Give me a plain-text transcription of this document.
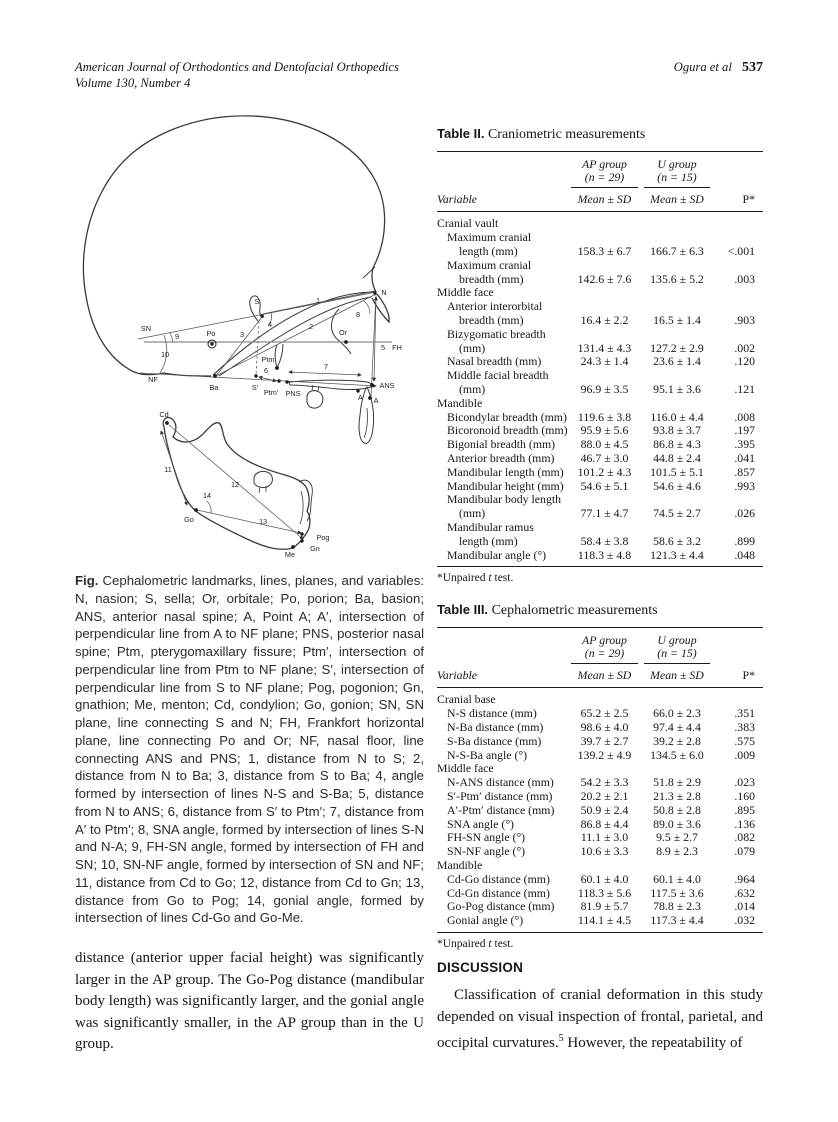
American Journal of Orthodontics and Dentofacial Orthopedics
Volume 130, Number 4
Ogura et al 537
SN
9
10
Po
S
3
4
1
2
8
N
Or
5 FH
NF
Ba	S′
6
Ptm
Ptm′ PNS
7
ANS
A′ A
Cd
11
12
14
Go	13
Me
Gn
Pog
Fig. Cephalometric landmarks, lines, planes, and variables: N, nasion; S, sella; Or, orbitale; Po, porion; Ba, basion; ANS, anterior nasal spine; A, Point A; A′, intersection of perpendicular line from A to NF plane; PNS, posterior nasal spine; Ptm, pterygomaxillary fissure; Ptm′, intersection of perpendicular line from Ptm to NF plane; S′, intersection of perpendicular line from S to NF plane; Pog, pogonion; Gn, gnathion; Me, menton; Cd, condylion; Go, gonion; SN, SN plane, line connecting S and N; FH, Frankfort horizontal plane, line connecting Po and Or; NF, nasal floor, line connecting ANS and PNS; 1, distance from N to S; 2, distance from N to Ba; 3, distance from S to Ba; 4, angle formed by intersection of lines N-S and S-Ba; 5, distance from N to ANS; 6, distance from S′ to Ptm′; 7, distance from A′ to Ptm′; 8, SNA angle, formed by intersection of lines S-N and N-A; 9, FH-SN angle, formed by intersection of FH and SN; 10, SN-NF angle, formed by intersection of SN and NF; 11, distance from Cd to Go; 12, distance from Cd to Gn; 13, distance from Go to Pog; 14, gonial angle, formed by intersection of lines Cd-Go and Go-Me.
distance (anterior upper facial height) was significantly larger in the AP group. The Go-Pog distance (mandibular body length) was significantly larger, and the gonial angle was significantly smaller, in the AP group than in the U group.
Table II. Craniometric measurements
AP group
(n = 29)
U group
(n = 15)
Variable	Mean ± SD	Mean ± SD	P*
Cranial vault
Maximum cranial
length (mm)	158.3 ± 6.7	166.7 ± 6.3	<.001
Maximum cranial
breadth (mm)	142.6 ± 7.6	135.6 ± 5.2	.003
Middle face
Anterior interorbital
breadth (mm)	16.4 ± 2.2	16.5 ± 1.4	.903
Bizygomatic breadth
(mm)	131.4 ± 4.3	127.2 ± 2.9	.002
Nasal breadth (mm)	24.3 ± 1.4	23.6 ± 1.4	.120
Middle facial breadth
(mm)	96.9 ± 3.5	95.1 ± 3.6	.121
Mandible
Bicondylar breadth (mm) 119.6 ± 3.8	116.0 ± 4.4	.008
Bicoronoid breadth (mm)	95.9 ± 5.6	93.8 ± 3.7	.197
Bigonial breadth (mm)	88.0 ± 4.5	86.8 ± 4.3	.395
Anterior breadth (mm)	46.7 ± 3.0	44.8 ± 2.4	.041
Mandibular length (mm)	101.2 ± 4.3	101.5 ± 5.1	.857
Mandibular height (mm)	54.6 ± 5.1	54.6 ± 4.6	.993
Mandibular body length
(mm)	77.1 ± 4.7	74.5 ± 2.7	.026
Mandibular ramus
length (mm)	58.4 ± 3.8	58.6 ± 3.2	.899
Mandibular angle (°)	118.3 ± 4.8	121.3 ± 4.4	.048
*Unpaired t test.
Table III. Cephalometric measurements
AP group
(n = 29)
U group
(n = 15)
Variable	Mean ± SD	Mean ± SD	P*
Cranial base
N-S distance (mm)	65.2 ± 2.5	66.0 ± 2.3	.351
N-Ba distance (mm)	98.6 ± 4.0	97.4 ± 4.4	.383
S-Ba distance (mm)	39.7 ± 2.7	39.2 ± 2.8	.575
N-S-Ba angle (°)	139.2 ± 4.9	134.5 ± 6.0	.009
Middle face
N-ANS distance (mm)	54.2 ± 3.3	51.8 ± 2.9	.023
S′-Ptm′ distance (mm)	20.2 ± 2.1	21.3 ± 2.8	.160
A′-Ptm′ distance (mm)	50.9 ± 2.4	50.8 ± 2.8	.895
SNA angle (°)	86.8 ± 4.4	89.0 ± 3.6	.136
FH-SN angle (°)	11.1 ± 3.0	9.5 ± 2.7	.082
SN-NF angle (°)	10.6 ± 3.3	8.9 ± 2.3	.079
Mandible
Cd-Go distance (mm)	60.1 ± 4.0	60.1 ± 4.0	.964
Cd-Gn distance (mm)	118.3 ± 5.6	117.5 ± 3.6	.632
Go-Pog distance (mm)	81.9 ± 5.7	78.8 ± 2.3	.014
Gonial angle (°)	114.1 ± 4.5	117.3 ± 4.4	.032
*Unpaired t test.
DISCUSSION

Classification of cranial deformation in this study depended on visual inspection of frontal, parietal, and occipital curvatures.$^5$ However, the repeatability of
